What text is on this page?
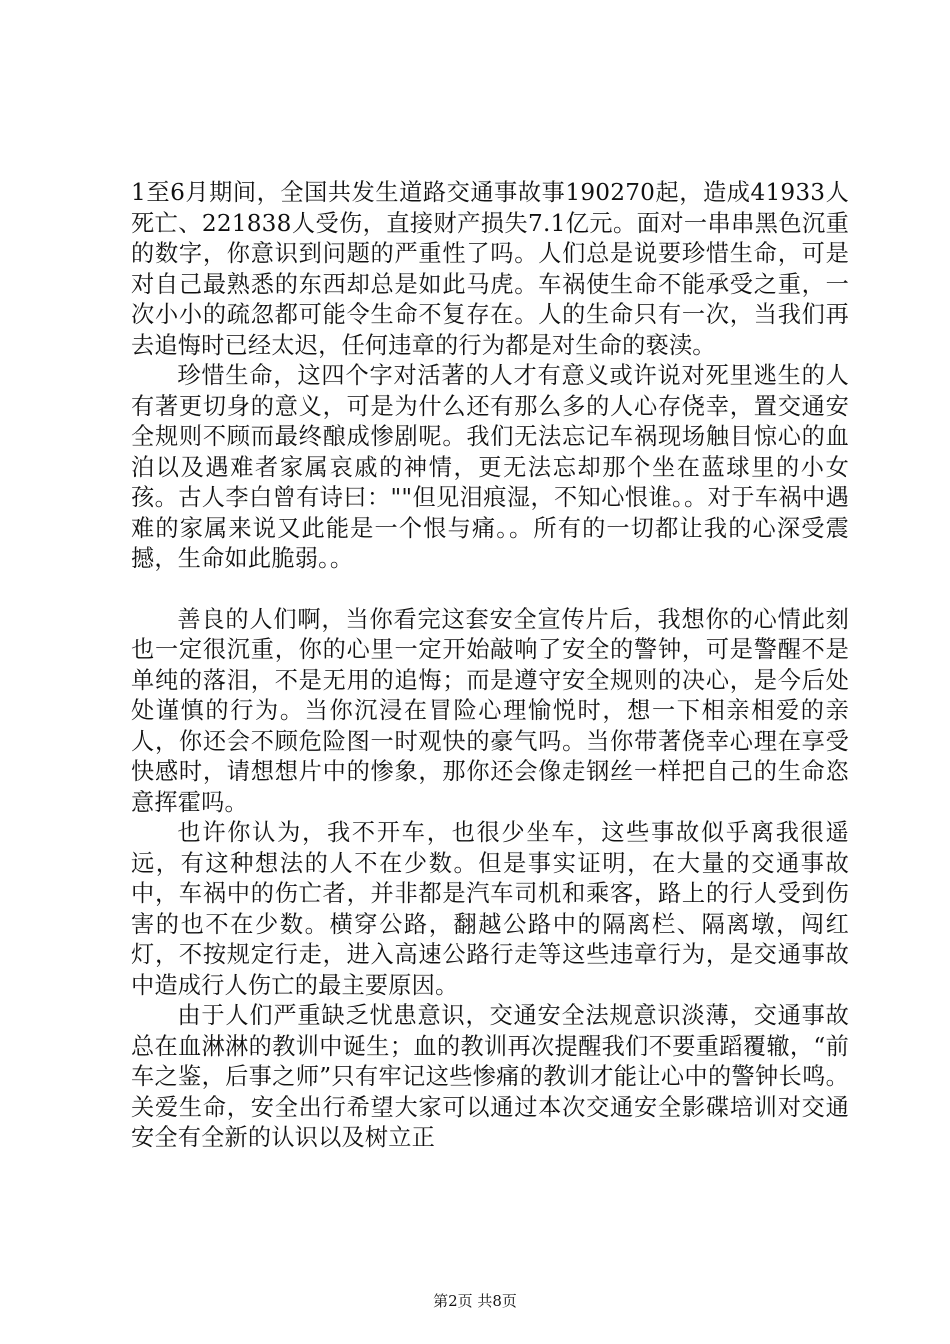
1至6月期间，全国共发生道路交通事故事190270起，造成41933人死亡、221838人受伤，直接财产损失7.1亿元。面对一串串黑色沉重的数字，你意识到问题的严重性了吗。人们总是说要珍惜生命，可是对自己最熟悉的东西却总是如此马虎。车祸使生命不能承受之重，一次小小的疏忽都可能令生命不复存在。人的生命只有一次，当我们再去追悔时已经太迟，任何违章的行为都是对生命的亵渎。

珍惜生命，这四个字对活著的人才有意义或许说对死里逃生的人有著更切身的意义，可是为什么还有那么多的人心存侥幸，置交通安全规则不顾而最终酿成惨剧呢。我们无法忘记车祸现场触目惊心的血泊以及遇难者家属哀戚的神情，更无法忘却那个坐在蓝球里的小女孩。古人李白曾有诗曰：""但见泪痕湿，不知心恨谁。。对于车祸中遇难的家属来说又此能是一个恨与痛。。所有的一切都让我的心深受震撼，生命如此脆弱。。

善良的人们啊，当你看完这套安全宣传片后，我想你的心情此刻也一定很沉重，你的心里一定开始敲响了安全的警钟，可是警醒不是单纯的落泪，不是无用的追悔；而是遵守安全规则的决心，是今后处处谨慎的行为。当你沉浸在冒险心理愉悦时，想一下相亲相爱的亲人，你还会不顾危险图一时观快的豪气吗。当你带著侥幸心理在享受快感时，请想想片中的惨象，那你还会像走钢丝一样把自己的生命恣意挥霍吗。

也许你认为，我不开车，也很少坐车，这些事故似乎离我很遥远，有这种想法的人不在少数。但是事实证明，在大量的交通事故中，车祸中的伤亡者，并非都是汽车司机和乘客，路上的行人受到伤害的也不在少数。横穿公路，翻越公路中的隔离栏、隔离墩，闯红灯，不按规定行走，进入高速公路行走等这些违章行为，是交通事故中造成行人伤亡的最主要原因。

由于人们严重缺乏忧患意识，交通安全法规意识淡薄，交通事故总在血淋淋的教训中诞生；血的教训再次提醒我们不要重蹈覆辙，“前车之鉴，后事之师”只有牢记这些惨痛的教训才能让心中的警钟长鸣。关爱生命，安全出行希望大家可以通过本次交通安全影碟培训对交通安全有全新的认识以及树立正

第2页 共8页
